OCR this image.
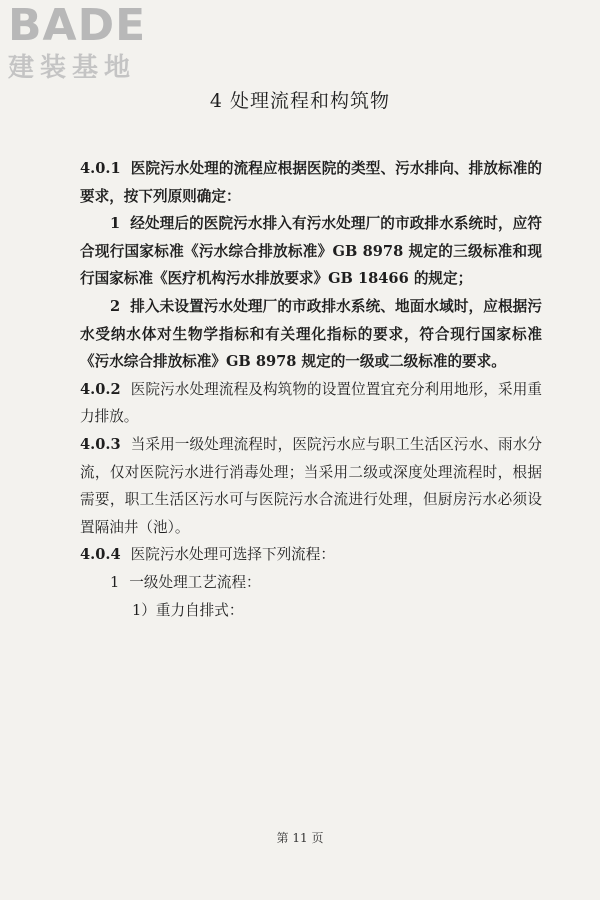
BADE
建装基地
4 处理流程和构筑物

4.0.1 医院污水处理的流程应根据医院的类型、污水排向、排放标准的要求，按下列原则确定：

1 经处理后的医院污水排入有污水处理厂的市政排水系统时，应符合现行国家标准《污水综合排放标准》GB 8978 规定的三级标准和现行国家标准《医疗机构污水排放要求》GB 18466 的规定；

2 排入未设置污水处理厂的市政排水系统、地面水域时，应根据污水受纳水体对生物学指标和有关理化指标的要求，符合现行国家标准《污水综合排放标准》GB 8978 规定的一级或二级标准的要求。

4.0.2 医院污水处理流程及构筑物的设置位置宜充分利用地形，采用重力排放。

4.0.3 当采用一级处理流程时，医院污水应与职工生活区污水、雨水分流，仅对医院污水进行消毒处理；当采用二级或深度处理流程时，根据需要，职工生活区污水可与医院污水合流进行处理，但厨房污水必须设置隔油井（池）。

4.0.4 医院污水处理可选择下列流程：

1 一级处理工艺流程：

1）重力自排式：

第 11 页
